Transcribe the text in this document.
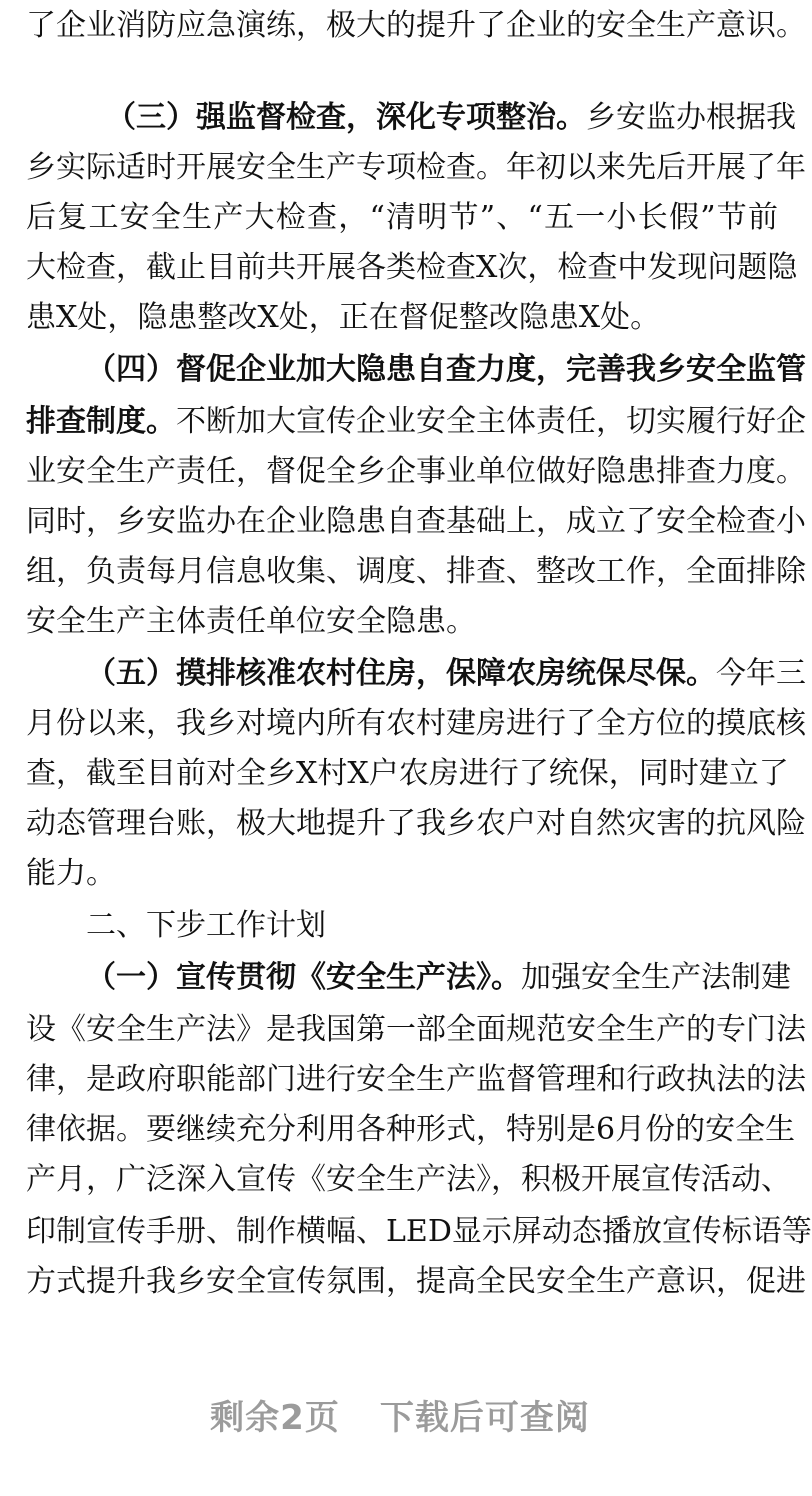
了企业消防应急演练，极大的提升了企业的安全生产意识。
（三）强监督检查，深化专项整治。乡安监办根据我
乡实际适时开展安全生产专项检查。年初以来先后开展了年
后复工安全生产大检查，“清明节”、“五一小长假”节前
大检查，截止目前共开展各类检查X次，检查中发现问题隐
患X处，隐患整改X处，正在督促整改隐患X处。
（四）督促企业加大隐患自查力度，完善我乡安全监管
排查制度。不断加大宣传企业安全主体责任，切实履行好企
业安全生产责任，督促全乡企事业单位做好隐患排查力度。
同时，乡安监办在企业隐患自查基础上，成立了安全检查小
组，负责每月信息收集、调度、排查、整改工作，全面排除
安全生产主体责任单位安全隐患。
（五）摸排核准农村住房，保障农房统保尽保。今年三
月份以来，我乡对境内所有农村建房进行了全方位的摸底核
查，截至目前对全乡X村X户农房进行了统保，同时建立了
动态管理台账，极大地提升了我乡农户对自然灾害的抗风险
能力。
二、下步工作计划
（一）宣传贯彻《安全生产法》。加强安全生产法制建
设《安全生产法》是我国第一部全面规范安全生产的专门法
律，是政府职能部门进行安全生产监督管理和行政执法的法
律依据。要继续充分利用各种形式，特别是6月份的安全生
产月，广泛深入宣传《安全生产法》，积极开展宣传活动、
印制宣传手册、制作横幅、LED显示屏动态播放宣传标语等
方式提升我乡安全宣传氛围，提高全民安全生产意识，促进
剩余2页 下载后可查阅
